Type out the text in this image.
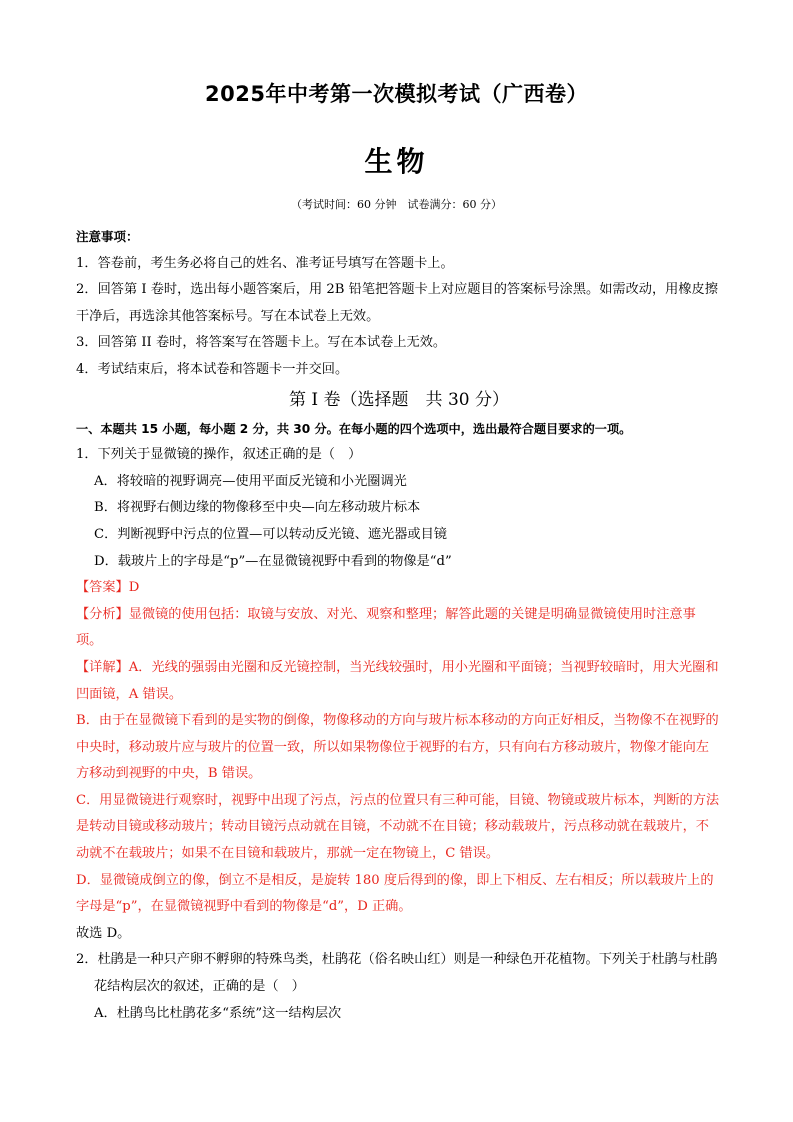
2025年中考第一次模拟考试（广西卷）
生物
（考试时间：60 分钟　试卷满分：60 分）

注意事项：

1．答卷前，考生务必将自己的姓名、准考证号填写在答题卡上。

2．回答第 I 卷时，选出每小题答案后，用 2B 铅笔把答题卡上对应题目的答案标号涂黑。如需改动，用橡皮擦干净后，再选涂其他答案标号。写在本试卷上无效。

3．回答第 II 卷时，将答案写在答题卡上。写在本试卷上无效。

4．考试结束后，将本试卷和答题卡一并交回。

第 I 卷（选择题　共 30 分）

一、本题共 15 小题，每小题 2 分，共 30 分。在每小题的四个选项中，选出最符合题目要求的一项。

1．下列关于显微镜的操作，叙述正确的是（　）

A．将较暗的视野调亮—使用平面反光镜和小光圈调光

B．将视野右侧边缘的物像移至中央—向左移动玻片标本

C．判断视野中污点的位置—可以转动反光镜、遮光器或目镜

D．载玻片上的字母是“p”—在显微镜视野中看到的物像是“d”

【答案】D

【分析】显微镜的使用包括：取镜与安放、对光、观察和整理；解答此题的关键是明确显微镜使用时注意事项。

【详解】A．光线的强弱由光圈和反光镜控制，当光线较强时，用小光圈和平面镜；当视野较暗时，用大光圈和凹面镜，A 错误。

B．由于在显微镜下看到的是实物的倒像，物像移动的方向与玻片标本移动的方向正好相反，当物像不在视野的中央时，移动玻片应与玻片的位置一致，所以如果物像位于视野的右方，只有向右方移动玻片，物像才能向左方移动到视野的中央，B 错误。

C．用显微镜进行观察时，视野中出现了污点，污点的位置只有三种可能，目镜、物镜或玻片标本，判断的方法是转动目镜或移动玻片；转动目镜污点动就在目镜，不动就不在目镜；移动载玻片，污点移动就在载玻片，不动就不在载玻片；如果不在目镜和载玻片，那就一定在物镜上，C 错误。

D．显微镜成倒立的像，倒立不是相反，是旋转 180 度后得到的像，即上下相反、左右相反；所以载玻片上的字母是“p”，在显微镜视野中看到的物像是“d”，D 正确。

故选 D。

2．杜鹃是一种只产卵不孵卵的特殊鸟类，杜鹃花（俗名映山红）则是一种绿色开花植物。下列关于杜鹃与杜鹃花结构层次的叙述，正确的是（　）

A．杜鹃鸟比杜鹃花多“系统”这一结构层次
